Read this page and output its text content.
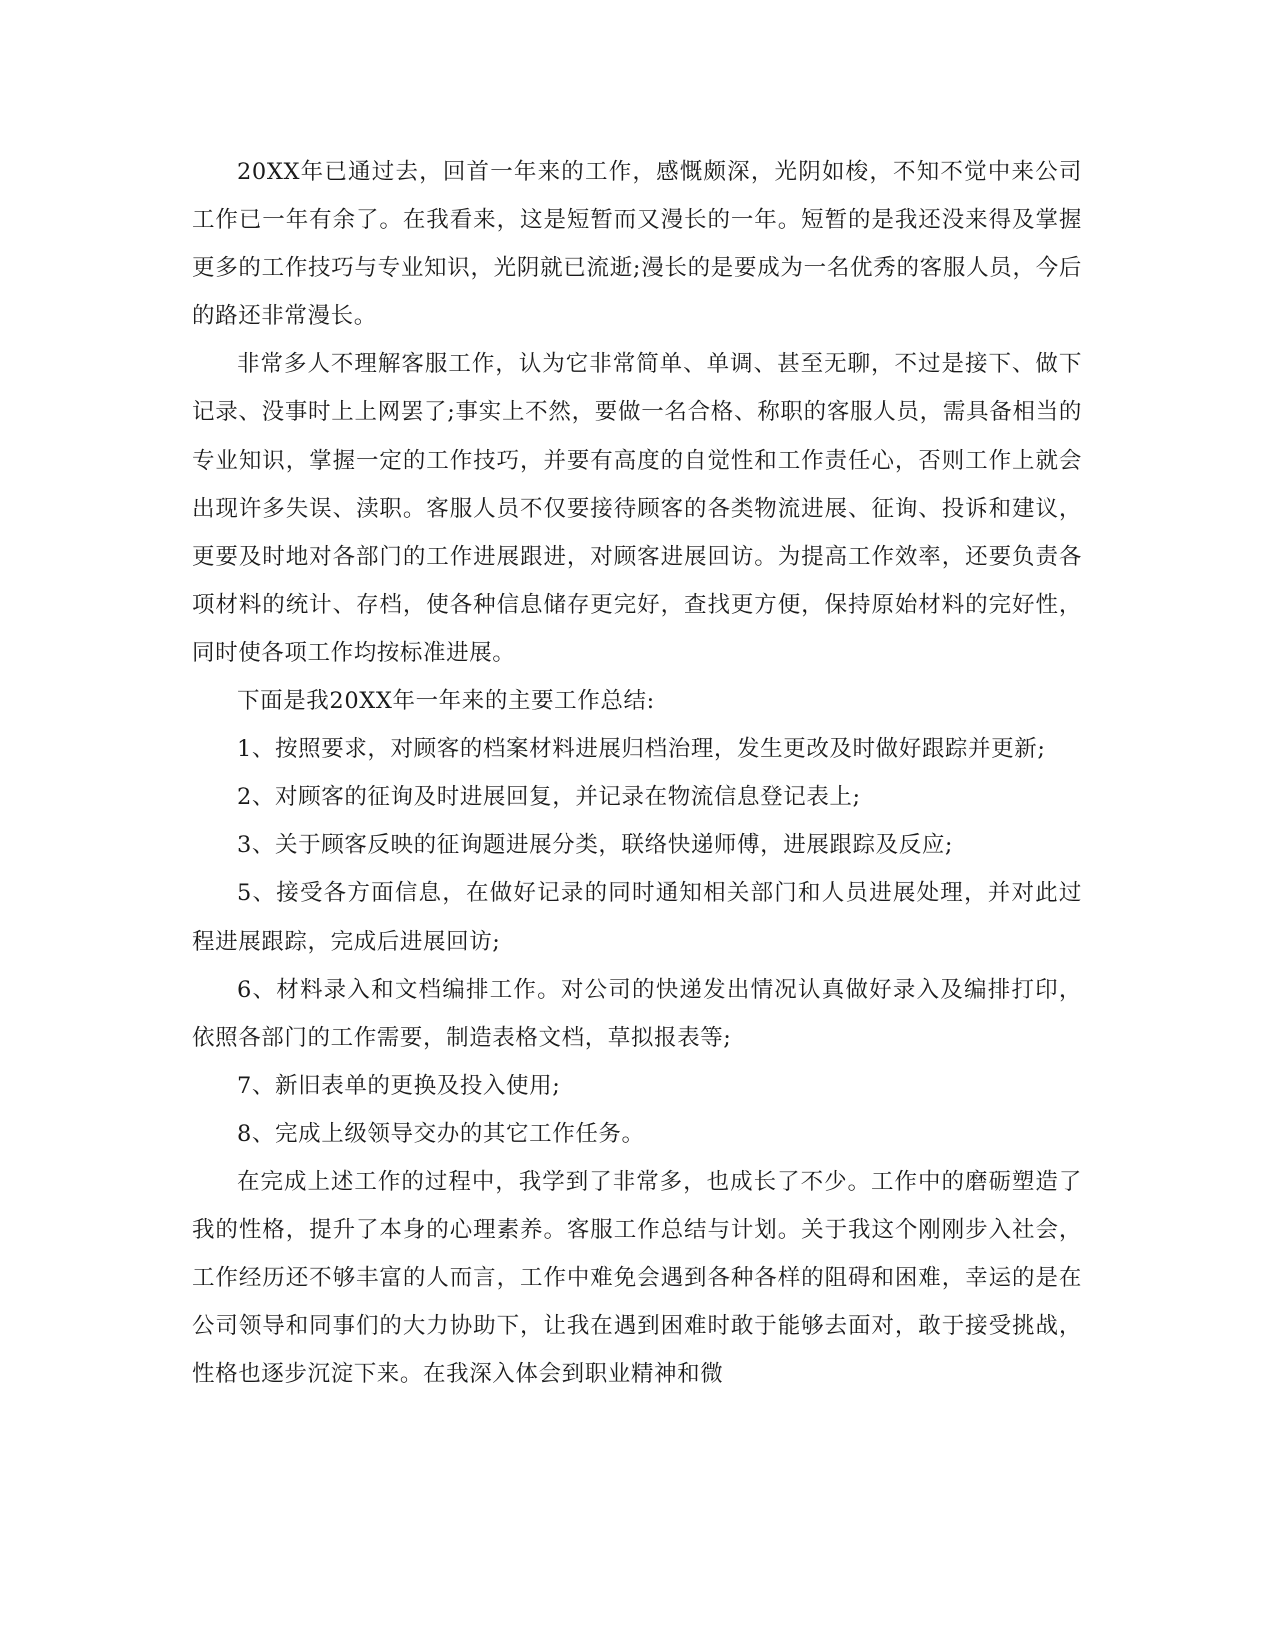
20XX年已通过去，回首一年来的工作，感慨颇深，光阴如梭，不知不觉中来公司工作已一年有余了。在我看来，这是短暂而又漫长的一年。短暂的是我还没来得及掌握更多的工作技巧与专业知识，光阴就已流逝;漫长的是要成为一名优秀的客服人员，今后的路还非常漫长。

非常多人不理解客服工作，认为它非常简单、单调、甚至无聊，不过是接下、做下记录、没事时上上网罢了;事实上不然，要做一名合格、称职的客服人员，需具备相当的专业知识，掌握一定的工作技巧，并要有高度的自觉性和工作责任心，否则工作上就会出现许多失误、渎职。客服人员不仅要接待顾客的各类物流进展、征询、投诉和建议，更要及时地对各部门的工作进展跟进，对顾客进展回访。为提高工作效率，还要负责各项材料的统计、存档，使各种信息储存更完好，查找更方便，保持原始材料的完好性，同时使各项工作均按标准进展。

下面是我20XX年一年来的主要工作总结:

1、按照要求，对顾客的档案材料进展归档治理，发生更改及时做好跟踪并更新;

2、对顾客的征询及时进展回复，并记录在物流信息登记表上;

3、关于顾客反映的征询题进展分类，联络快递师傅，进展跟踪及反应;

5、接受各方面信息，在做好记录的同时通知相关部门和人员进展处理，并对此过程进展跟踪，完成后进展回访;

6、材料录入和文档编排工作。对公司的快递发出情况认真做好录入及编排打印，依照各部门的工作需要，制造表格文档，草拟报表等;

7、新旧表单的更换及投入使用;

8、完成上级领导交办的其它工作任务。

在完成上述工作的过程中，我学到了非常多，也成长了不少。工作中的磨砺塑造了我的性格，提升了本身的心理素养。客服工作总结与计划。关于我这个刚刚步入社会，工作经历还不够丰富的人而言，工作中难免会遇到各种各样的阻碍和困难，幸运的是在公司领导和同事们的大力协助下，让我在遇到困难时敢于能够去面对，敢于接受挑战，性格也逐步沉淀下来。在我深入体会到职业精神和微
